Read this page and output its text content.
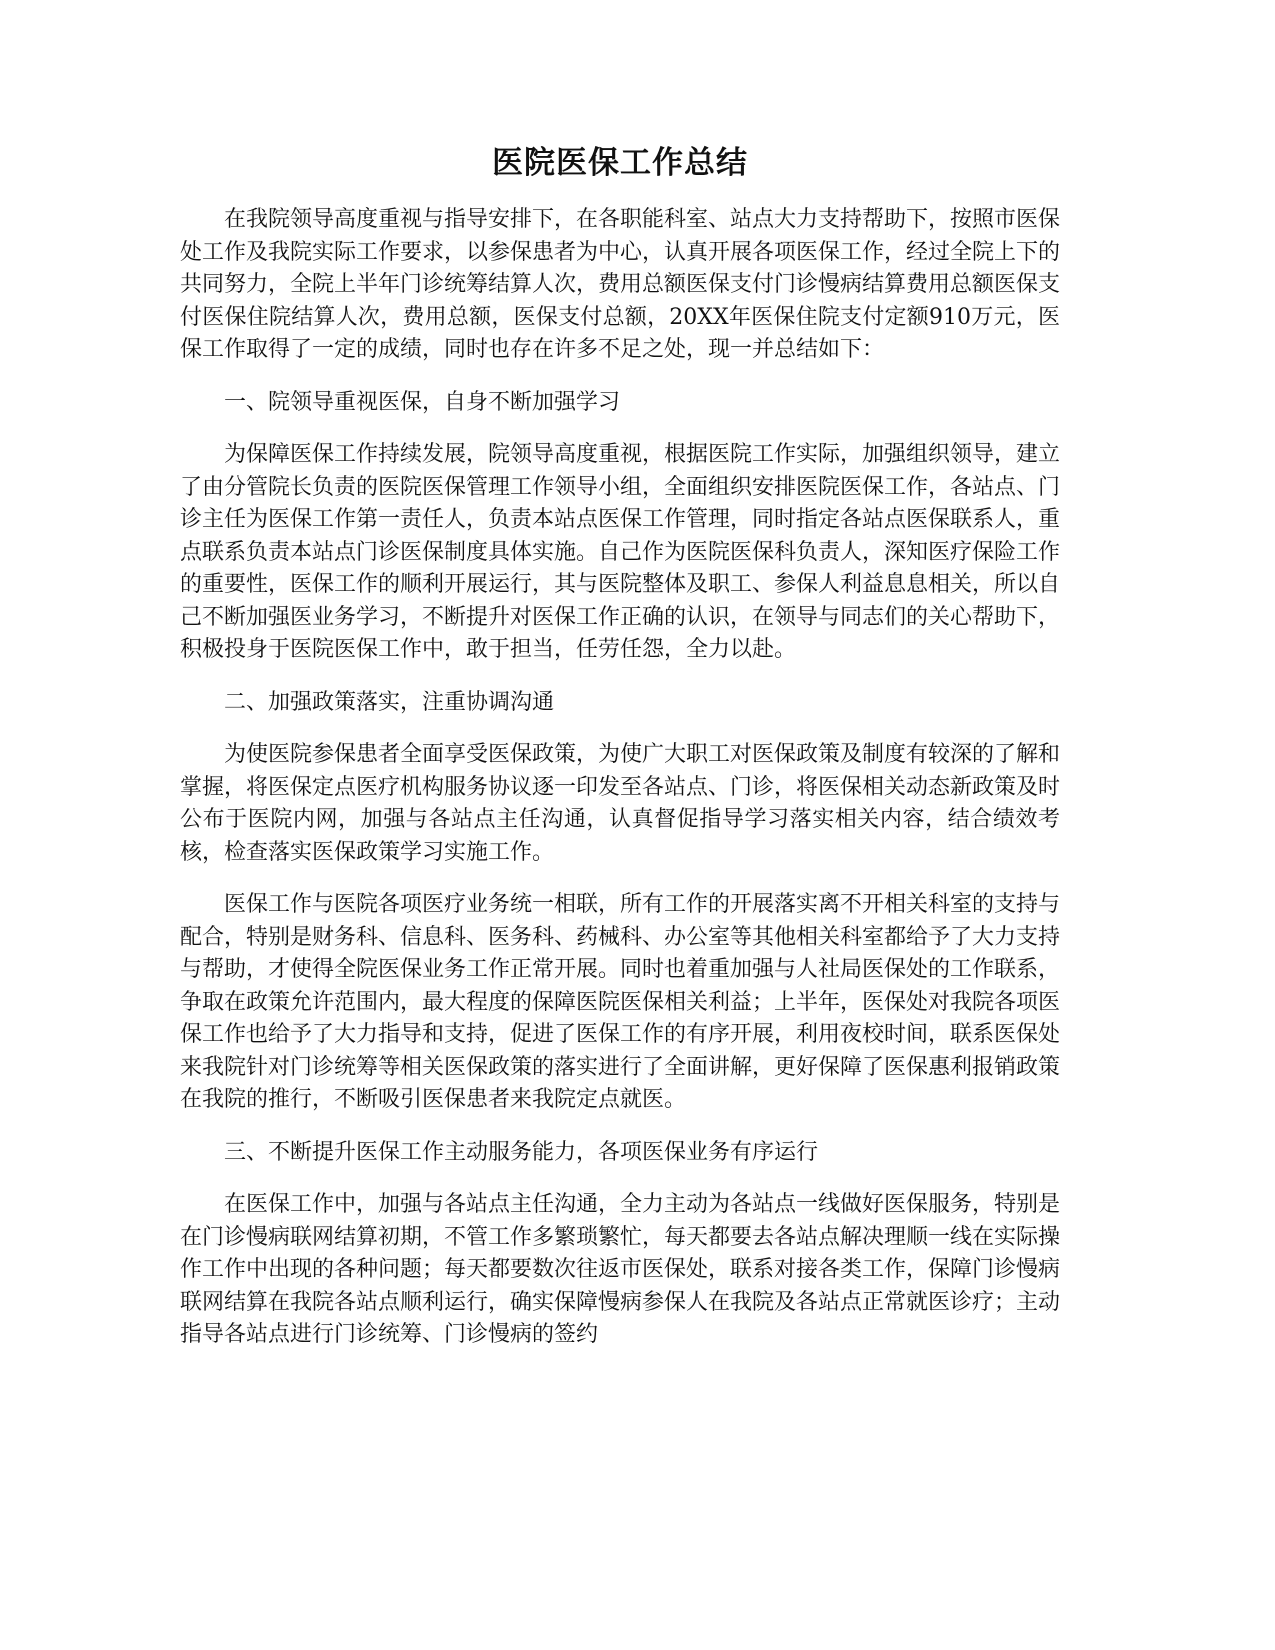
医院医保工作总结

在我院领导高度重视与指导安排下，在各职能科室、站点大力支持帮助下，按照市医保处工作及我院实际工作要求，以参保患者为中心，认真开展各项医保工作，经过全院上下的共同努力，全院上半年门诊统筹结算人次，费用总额医保支付门诊慢病结算费用总额医保支付医保住院结算人次，费用总额，医保支付总额，20XX年医保住院支付定额910万元，医保工作取得了一定的成绩，同时也存在许多不足之处，现一并总结如下：

一、院领导重视医保，自身不断加强学习

为保障医保工作持续发展，院领导高度重视，根据医院工作实际，加强组织领导，建立了由分管院长负责的医院医保管理工作领导小组，全面组织安排医院医保工作，各站点、门诊主任为医保工作第一责任人，负责本站点医保工作管理，同时指定各站点医保联系人，重点联系负责本站点门诊医保制度具体实施。自己作为医院医保科负责人，深知医疗保险工作的重要性，医保工作的顺利开展运行，其与医院整体及职工、参保人利益息息相关，所以自己不断加强医业务学习，不断提升对医保工作正确的认识，在领导与同志们的关心帮助下，积极投身于医院医保工作中，敢于担当，任劳任怨，全力以赴。

二、加强政策落实，注重协调沟通

为使医院参保患者全面享受医保政策，为使广大职工对医保政策及制度有较深的了解和掌握，将医保定点医疗机构服务协议逐一印发至各站点、门诊，将医保相关动态新政策及时公布于医院内网，加强与各站点主任沟通，认真督促指导学习落实相关内容，结合绩效考核，检查落实医保政策学习实施工作。

医保工作与医院各项医疗业务统一相联，所有工作的开展落实离不开相关科室的支持与配合，特别是财务科、信息科、医务科、药械科、办公室等其他相关科室都给予了大力支持与帮助，才使得全院医保业务工作正常开展。同时也着重加强与人社局医保处的工作联系，争取在政策允许范围内，最大程度的保障医院医保相关利益；上半年，医保处对我院各项医保工作也给予了大力指导和支持，促进了医保工作的有序开展，利用夜校时间，联系医保处来我院针对门诊统筹等相关医保政策的落实进行了全面讲解，更好保障了医保惠利报销政策在我院的推行，不断吸引医保患者来我院定点就医。

三、不断提升医保工作主动服务能力，各项医保业务有序运行

在医保工作中，加强与各站点主任沟通，全力主动为各站点一线做好医保服务，特别是在门诊慢病联网结算初期，不管工作多繁琐繁忙，每天都要去各站点解决理顺一线在实际操作工作中出现的各种问题；每天都要数次往返市医保处，联系对接各类工作，保障门诊慢病联网结算在我院各站点顺利运行，确实保障慢病参保人在我院及各站点正常就医诊疗；主动指导各站点进行门诊统筹、门诊慢病的签约
